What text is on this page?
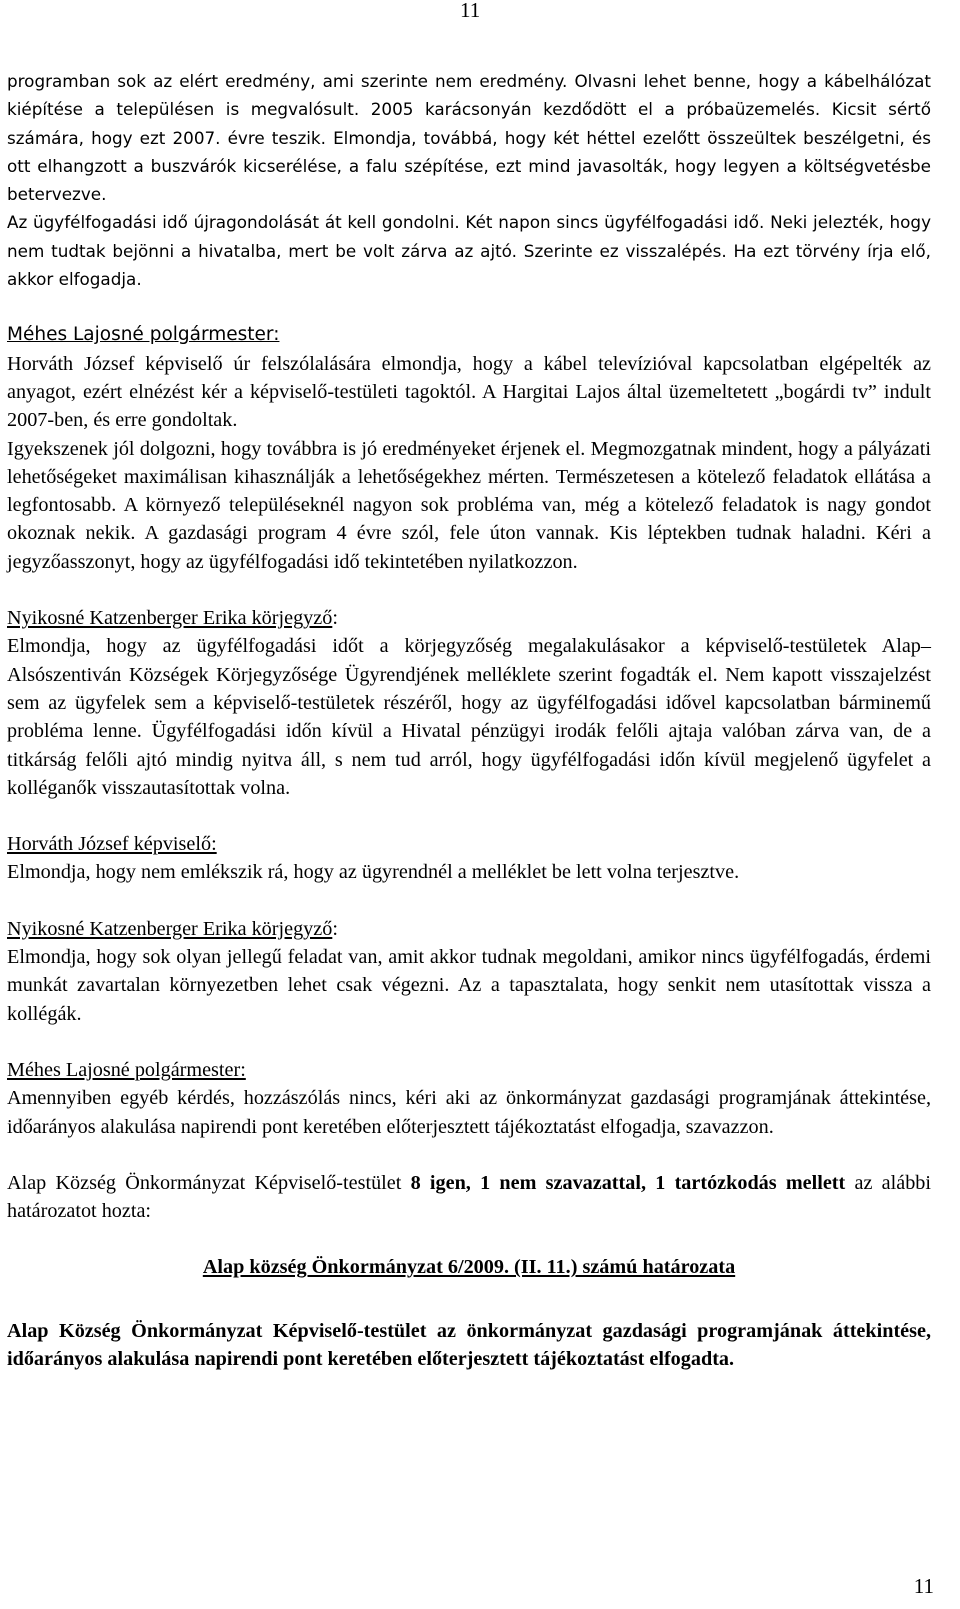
11

programban sok az elért eredmény, ami szerinte nem eredmény. Olvasni lehet benne, hogy a kábelhálózat kiépítése a településen is megvalósult. 2005 karácsonyán kezdődött el a próbaüzemelés. Kicsit sértő számára, hogy ezt 2007. évre teszik. Elmondja, továbbá, hogy két héttel ezelőtt összeültek beszélgetni, és ott elhangzott a buszvárók kicserélése, a falu szépítése, ezt mind javasolták, hogy legyen a költségvetésbe betervezve.

Az ügyfélfogadási idő újragondolását át kell gondolni. Két napon sincs ügyfélfogadási idő. Neki jelezték, hogy nem tudtak bejönni a hivatalba, mert be volt zárva az ajtó. Szerinte ez visszalépés. Ha ezt törvény írja elő, akkor elfogadja.

Méhes Lajosné polgármester:

Horváth József képviselő úr felszólalására elmondja, hogy a kábel televízióval kapcsolatban elgépelték az anyagot, ezért elnézést kér a képviselő-testületi tagoktól. A Hargitai Lajos által üzemeltetett „bogárdi tv” indult 2007-ben, és erre gondoltak.

Igyekszenek jól dolgozni, hogy továbbra is jó eredményeket érjenek el. Megmozgatnak mindent, hogy a pályázati lehetőségeket maximálisan kihasználják a lehetőségekhez mérten. Természetesen a kötelező feladatok ellátása a legfontosabb. A környező településeknél nagyon sok probléma van, még a kötelező feladatok is nagy gondot okoznak nekik. A gazdasági program 4 évre szól, fele úton vannak. Kis léptekben tudnak haladni. Kéri a jegyzőasszonyt, hogy az ügyfélfogadási idő tekintetében nyilatkozzon.

Nyikosné Katzenberger Erika körjegyző:

Elmondja, hogy az ügyfélfogadási időt a körjegyzőség megalakulásakor a képviselő-testületek Alap–Alsószentiván Községek Körjegyzősége Ügyrendjének melléklete szerint fogadták el. Nem kapott visszajelzést sem az ügyfelek sem a képviselő-testületek részéről, hogy az ügyfélfogadási idővel kapcsolatban bárminemű probléma lenne. Ügyfélfogadási időn kívül a Hivatal pénzügyi irodák felőli ajtaja valóban zárva van, de a titkárság felőli ajtó mindig nyitva áll, s nem tud arról, hogy ügyfélfogadási időn kívül megjelenő ügyfelet a kolléganők visszautasítottak volna.

Horváth József képviselő:

Elmondja, hogy nem emlékszik rá, hogy az ügyrendnél a melléklet be lett volna terjesztve.

Nyikosné Katzenberger Erika körjegyző:

Elmondja, hogy sok olyan jellegű feladat van, amit akkor tudnak megoldani, amikor nincs ügyfélfogadás, érdemi munkát zavartalan környezetben lehet csak végezni. Az a tapasztalata, hogy senkit nem utasítottak vissza a kollégák.

Méhes Lajosné polgármester:

Amennyiben egyéb kérdés, hozzászólás nincs, kéri aki az önkormányzat gazdasági programjának áttekintése, időarányos alakulása napirendi pont keretében előterjesztett tájékoztatást elfogadja, szavazzon.

Alap Község Önkormányzat Képviselő-testület 8 igen, 1 nem szavazattal, 1 tartózkodás mellett az alábbi határozatot hozta:

Alap község Önkormányzat 6/2009. (II. 11.) számú határozata

Alap Község Önkormányzat Képviselő-testület az önkormányzat gazdasági programjának áttekintése, időarányos alakulása napirendi pont keretében előterjesztett tájékoztatást elfogadta.

11
